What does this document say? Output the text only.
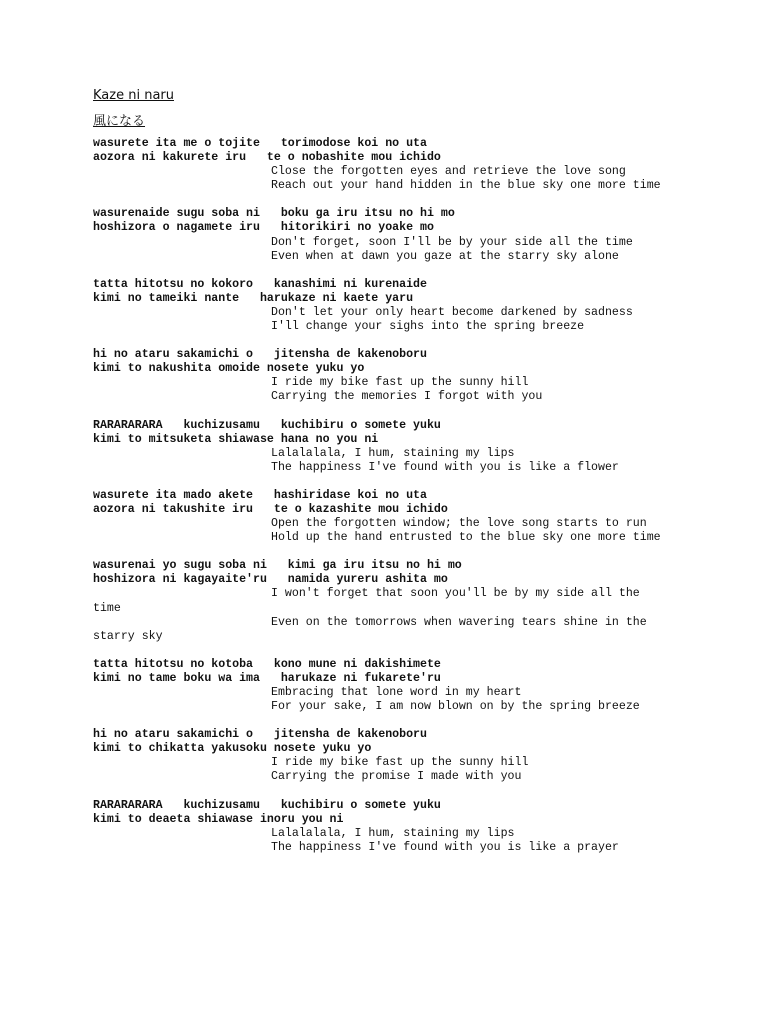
Kaze ni naru
風になる
wasurete ita me o tojite   torimodose koi no uta
aozora ni kakurete iru   te o nobashite mou ichido
Close the forgotten eyes and retrieve the love song
Reach out your hand hidden in the blue sky one more time
wasurenaide sugu soba ni   boku ga iru itsu no hi mo
hoshizora o nagamete iru   hitorikiri no yoake mo
Don't forget, soon I'll be by your side all the time
Even when at dawn you gaze at the starry sky alone
tatta hitotsu no kokoro   kanashimi ni kurenaide
kimi no tameiki nante   harukaze ni kaete yaru
Don't let your only heart become darkened by sadness
I'll change your sighs into the spring breeze
hi no ataru sakamichi o   jitensha de kakenoboru
kimi to nakushita omoide nosete yuku yo
I ride my bike fast up the sunny hill
Carrying the memories I forgot with you
RARARARARA   kuchizusamu   kuchibiru o somete yuku
kimi to mitsuketa shiawase hana no you ni
Lalalalala, I hum, staining my lips
The happiness I've found with you is like a flower
wasurete ita mado akete   hashiridase koi no uta
aozora ni takushite iru   te o kazashite mou ichido
Open the forgotten window; the love song starts to run
Hold up the hand entrusted to the blue sky one more time
wasurenai yo sugu soba ni   kimi ga iru itsu no hi mo
hoshizora ni kagayaite'ru   namida yureru ashita mo
I won't forget that soon you'll be by my side all the time
Even on the tomorrows when wavering tears shine in the starry sky
tatta hitotsu no kotoba   kono mune ni dakishimete
kimi no tame boku wa ima   harukaze ni fukarete'ru
Embracing that lone word in my heart
For your sake, I am now blown on by the spring breeze
hi no ataru sakamichi o   jitensha de kakenoboru
kimi to chikatta yakusoku nosete yuku yo
I ride my bike fast up the sunny hill
Carrying the promise I made with you
RARARARARA   kuchizusamu   kuchibiru o somete yuku
kimi to deaeta shiawase inoru you ni
Lalalalala, I hum, staining my lips
The happiness I've found with you is like a prayer
